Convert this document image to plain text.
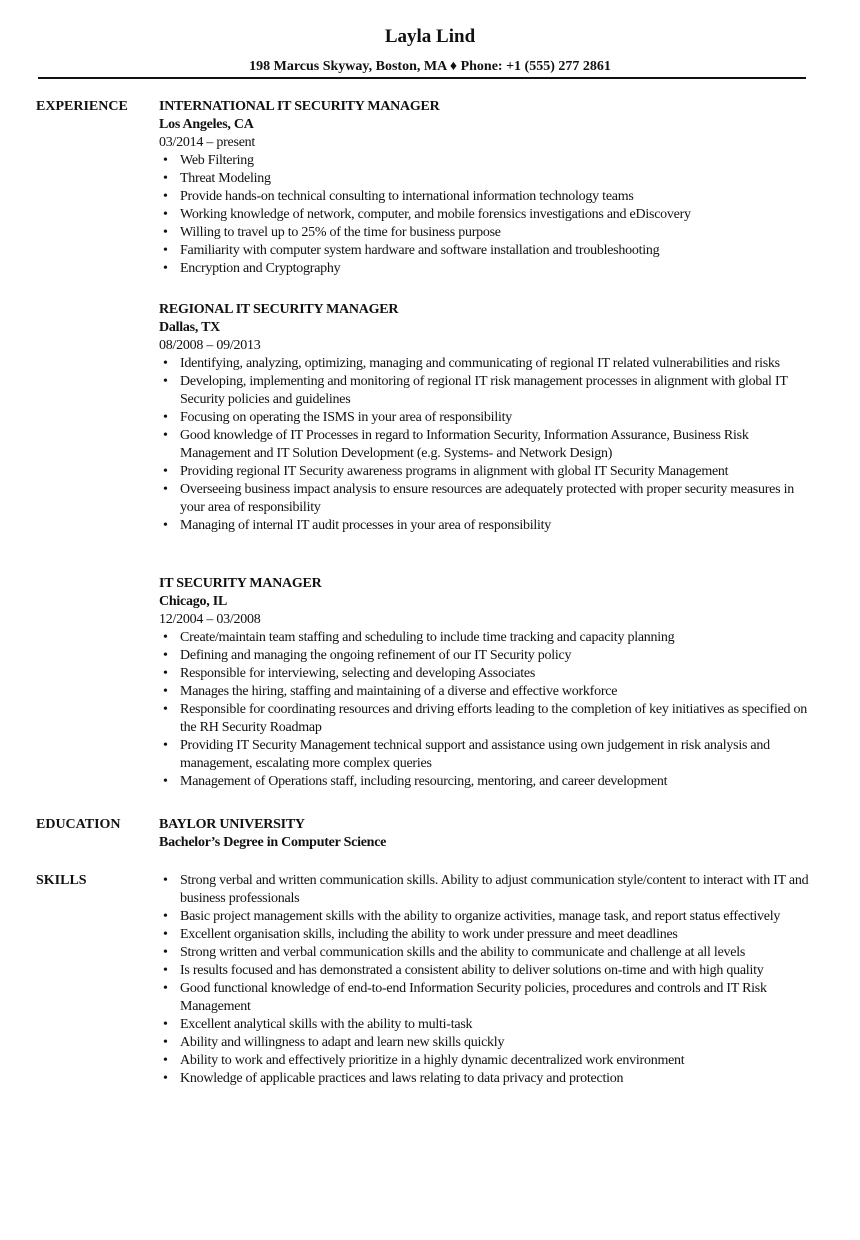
Layla Lind
198 Marcus Skyway, Boston, MA ♦ Phone: +1 (555) 277 2861
EXPERIENCE INTERNATIONAL IT SECURITY MANAGER
Los Angeles, CA
03/2014 – present
• Web Filtering
• Threat Modeling
• Provide hands-on technical consulting to international information technology teams
• Working knowledge of network, computer, and mobile forensics investigations and eDiscovery
• Willing to travel up to 25% of the time for business purpose
• Familiarity with computer system hardware and software installation and troubleshooting
• Encryption and Cryptography
REGIONAL IT SECURITY MANAGER
Dallas, TX
08/2008 – 09/2013
• Identifying, analyzing, optimizing, managing and communicating of regional IT related vulnerabilities and risks
• Developing, implementing and monitoring of regional IT risk management processes in alignment with global IT Security policies and guidelines
• Focusing on operating the ISMS in your area of responsibility
• Good knowledge of IT Processes in regard to Information Security, Information Assurance, Business Risk Management and IT Solution Development (e.g. Systems- and Network Design)
• Providing regional IT Security awareness programs in alignment with global IT Security Management
• Overseeing business impact analysis to ensure resources are adequately protected with proper security measures in your area of responsibility
• Managing of internal IT audit processes in your area of responsibility
IT SECURITY MANAGER
Chicago, IL
12/2004 – 03/2008
• Create/maintain team staffing and scheduling to include time tracking and capacity planning
• Defining and managing the ongoing refinement of our IT Security policy
• Responsible for interviewing, selecting and developing Associates
• Manages the hiring, staffing and maintaining of a diverse and effective workforce
• Responsible for coordinating resources and driving efforts leading to the completion of key initiatives as specified on the RH Security Roadmap
• Providing IT Security Management technical support and assistance using own judgement in risk analysis and management, escalating more complex queries
• Management of Operations staff, including resourcing, mentoring, and career development
EDUCATION	BAYLOR UNIVERSITY
Bachelor’s Degree in Computer Science
SKILLS	• Strong verbal and written communication skills. Ability to adjust communication style/content to interact with IT and business professionals
• Basic project management skills with the ability to organize activities, manage task, and report status effectively
• Excellent organisation skills, including the ability to work under pressure and meet deadlines
• Strong written and verbal communication skills and the ability to communicate and challenge at all levels
• Is results focused and has demonstrated a consistent ability to deliver solutions on-time and with high quality
• Good functional knowledge of end-to-end Information Security policies, procedures and controls and IT Risk Management
• Excellent analytical skills with the ability to multi-task
• Ability and willingness to adapt and learn new skills quickly
• Ability to work and effectively prioritize in a highly dynamic decentralized work environment
• Knowledge of applicable practices and laws relating to data privacy and protection
